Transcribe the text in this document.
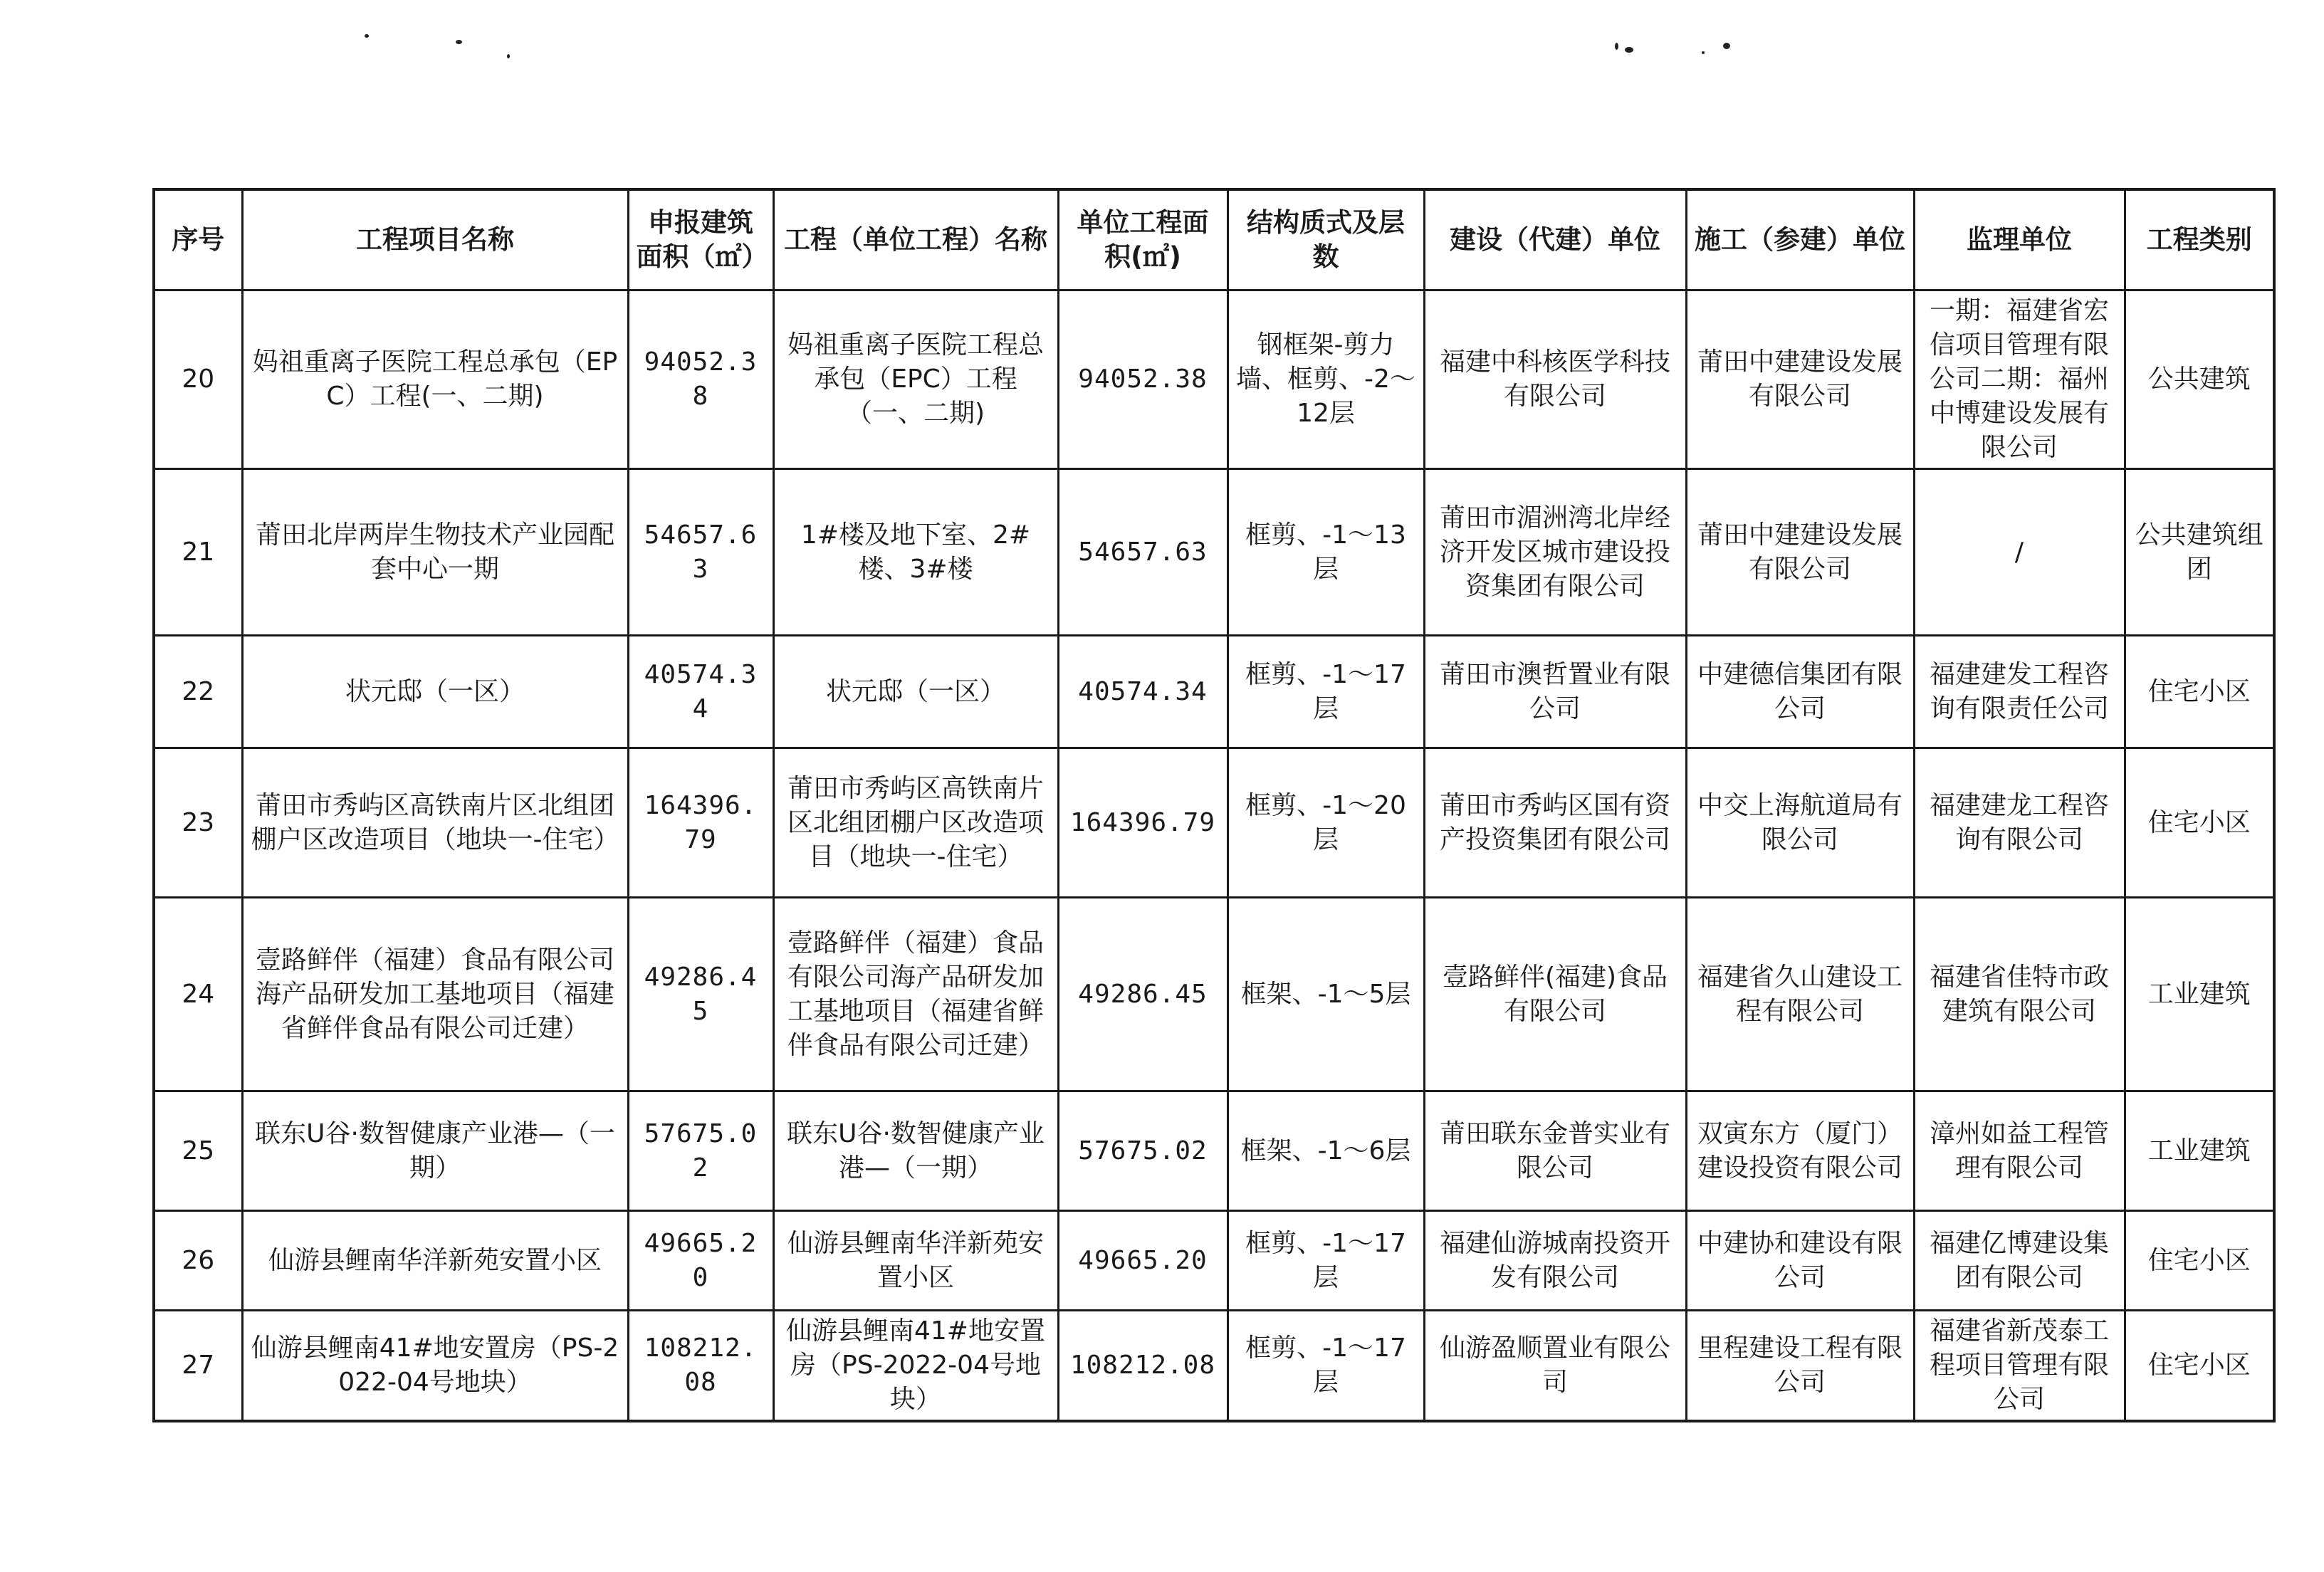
序号	工程项目名称	申报建筑面积（㎡）	工程（单位工程）名称	单位工程面积(㎡)	结构质式及层数	建设（代建）单位	施工（参建）单位	监理单位	工程类别
20	妈祖重离子医院工程总承包（EPC）工程(一、二期)	94052.38	妈祖重离子医院工程总承包（EPC）工程（一、二期)	94052.38	钢框架-剪力墙、框剪、-2～12层	福建中科核医学科技有限公司	莆田中建建设发展有限公司	一期：福建省宏信项目管理有限公司二期：福州中博建设发展有限公司	公共建筑
21	莆田北岸两岸生物技术产业园配套中心一期	54657.63	1#楼及地下室、2#楼、3#楼	54657.63	框剪、-1～13层	莆田市湄洲湾北岸经济开发区城市建设投资集团有限公司	莆田中建建设发展有限公司	/	公共建筑组团
22	状元邸（一区）	40574.34	状元邸（一区）	40574.34	框剪、-1～17层	莆田市澳哲置业有限公司	中建德信集团有限公司	福建建发工程咨询有限责任公司	住宅小区
23	莆田市秀屿区高铁南片区北组团棚户区改造项目（地块一-住宅）	164396.79	莆田市秀屿区高铁南片区北组团棚户区改造项目（地块一-住宅）	164396.79	框剪、-1～20层	莆田市秀屿区国有资产投资集团有限公司	中交上海航道局有限公司	福建建龙工程咨询有限公司	住宅小区
24	壹路鲜伴（福建）食品有限公司海产品研发加工基地项目（福建省鲜伴食品有限公司迁建）	49286.45	壹路鲜伴（福建）食品有限公司海产品研发加工基地项目（福建省鲜伴食品有限公司迁建）	49286.45	框架、-1～5层	壹路鲜伴(福建)食品有限公司	福建省久山建设工程有限公司	福建省佳特市政建筑有限公司	工业建筑
25	联东U谷·数智健康产业港—（一期）	57675.02	联东U谷·数智健康产业港—（一期）	57675.02	框架、-1～6层	莆田联东金普实业有限公司	双寅东方（厦门）建设投资有限公司	漳州如益工程管理有限公司	工业建筑
26	仙游县鲤南华洋新苑安置小区	49665.20	仙游县鲤南华洋新苑安置小区	49665.20	框剪、-1～17层	福建仙游城南投资开发有限公司	中建协和建设有限公司	福建亿博建设集团有限公司	住宅小区
27	仙游县鲤南41#地安置房（PS-2022-04号地块）	108212.08	仙游县鲤南41#地安置房（PS-2022-04号地块）	108212.08	框剪、-1～17层	仙游盈顺置业有限公司	里程建设工程有限公司	福建省新茂泰工程项目管理有限公司	住宅小区
